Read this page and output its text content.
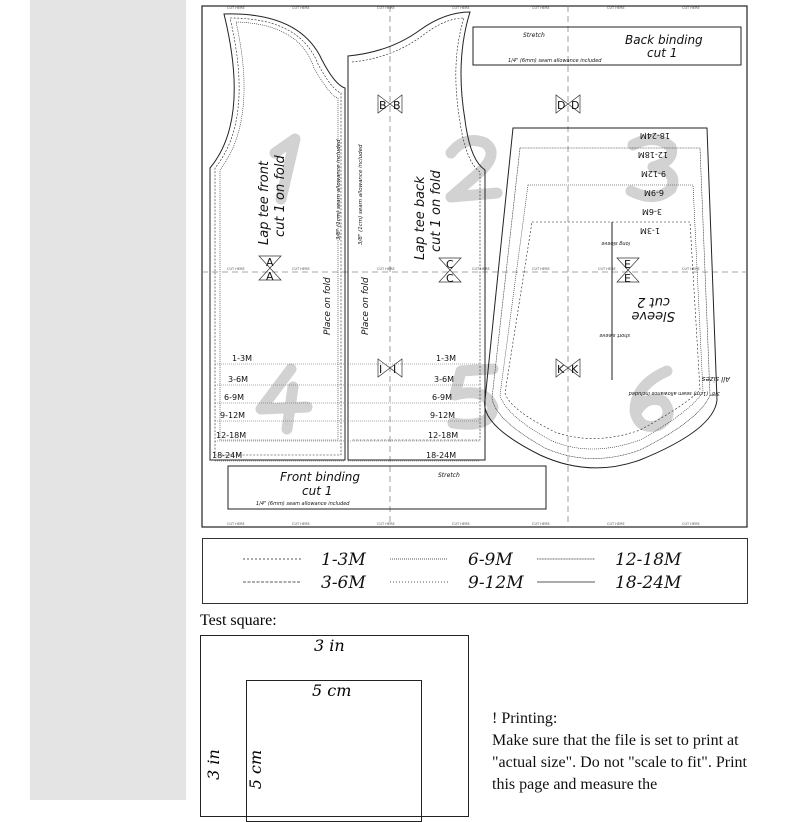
CUT HERE	CUT HERE	CUT HERE	CUT HERE	CUT HERE	CUT HERE	CUT HERE
CUT HERE	CUT HERE	CUT HERE	CUT HERE	CUT HERE	CUT HERE	CUT HERE
CUT HERE	CUT HERE	CUT HERE	CUT HERE	CUT HERE	CUT HERE	CUT HERE
Lap tee front cut 1 on fold	3/8" (1cm) seam allowance included
Place on fold
Lap tee back cut 1 on fold
3/8" (1cm) seam allowance included
Place on fold
Back binding
cut 1
Stretch
1/4" (6mm) seam allowance included
Front binding
cut 1
Stretch
1/4" (6mm) seam allowance included
Sleeve
cut 2
All sizes
long sleeve
short sleeve
3/8" (1cm) seam allowance included
1-3M	1-3M
1-3M
3-6M	3-6M
3-6M
6-9M	6-9M
6-9M
9-12M	9-12M
9-12M
12-18M	12-18M
12-18M
18-24M	18-24M
18-24M
A
A
B B
C
C
D D
E
E
I I	K K
1-3M	6-9M	12-18M
3-6M	9-12M	18-24M
Test square:
3 in
3 in
5 cm
5 cm
! Printing:
Make sure that the file is set to print at "actual size". Do not "scale to fit". Print this page and measure the
